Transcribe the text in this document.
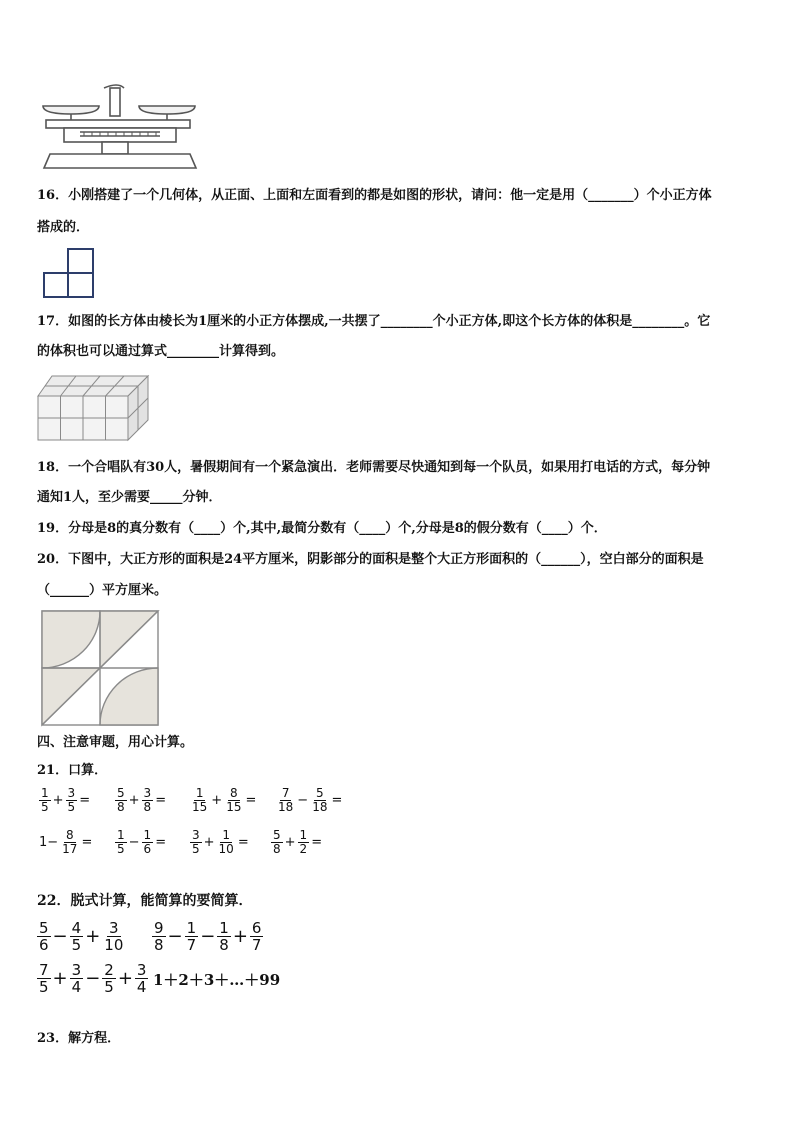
16．小刚搭建了一个几何体，从正面、上面和左面看到的都是如图的形状，请问：他一定是用（_______）个小正方体
搭成的．
17．如图的长方体由棱长为1厘米的小正方体摆成,一共摆了________个小正方体,即这个长方体的体积是________。它
的体积也可以通过算式________计算得到。
18．一个合唱队有30人，暑假期间有一个紧急演出．老师需要尽快通知到每一个队员，如果用打电话的方式，每分钟
通知1人，至少需要_____分钟．
19．分母是8的真分数有（____）个,其中,最简分数有（____）个,分母是8的假分数有（____）个．
20．下图中，大正方形的面积是24平方厘米，阴影部分的面积是整个大正方形面积的（______），空白部分的面积是
（______）平方厘米。
四、注意审题，用心计算。
21．口算．
$\frac{1}{5} + \frac{3}{5} = \frac{5}{8} + \frac{3}{8} = \frac{1}{15} + \frac{8}{15} = \frac{7}{18} - \frac{5}{18}$ =
$1- \frac{8}{17} = \frac{1}{5} - \frac{1}{6} = \frac{3}{5} + \frac{1}{10} = \frac{5}{8} + \frac{1}{2}$ =
22．脱式计算，能简算的要简算．
$\frac{5}{6} - \frac{4}{5} + \frac{3}{10} \frac{9}{8} - \frac{1}{7} - \frac{1}{8} + \frac{6}{7}$
$\frac{7}{5} + \frac{3}{4} - \frac{2}{5} + \frac{3}{4}$ 1＋2＋3＋…＋99
23．解方程．
